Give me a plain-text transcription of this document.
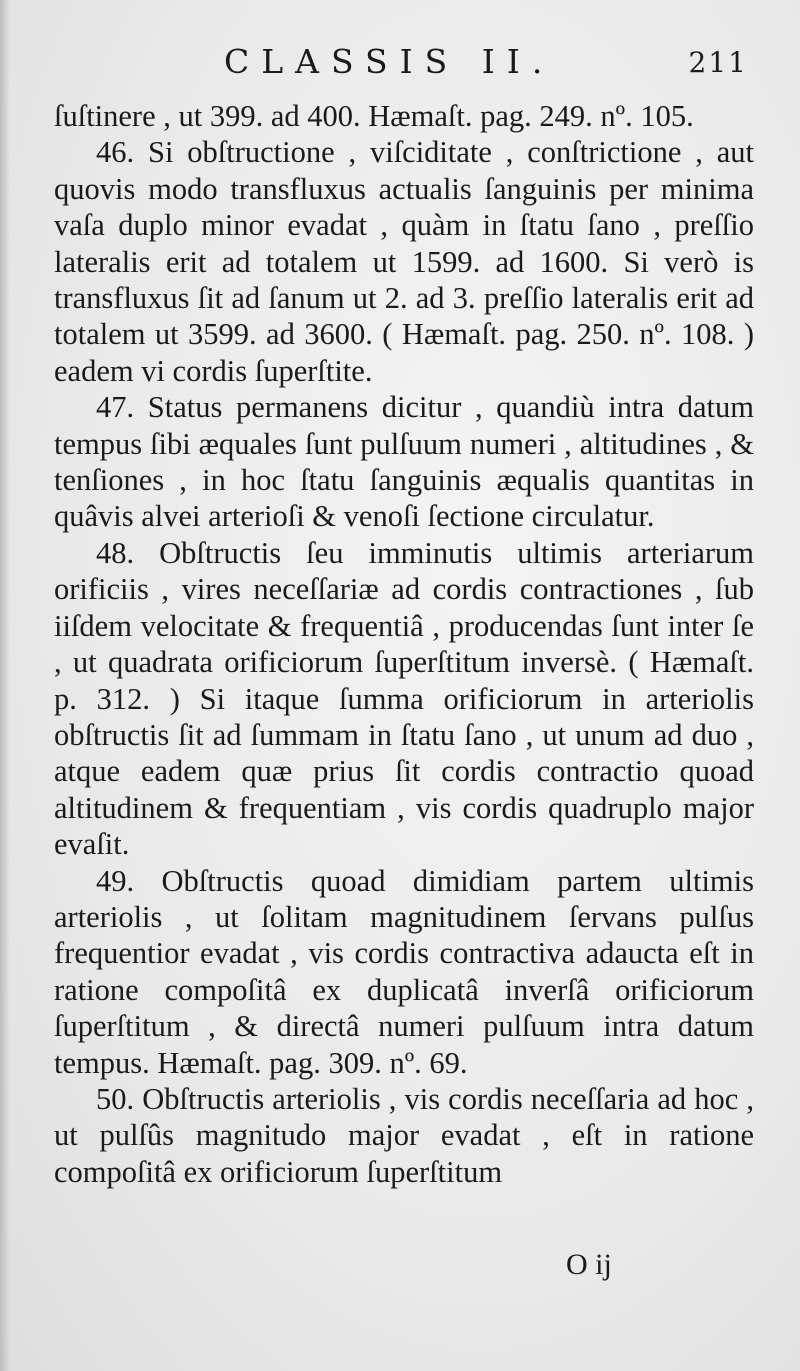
CLASSIS II.	211

ſuſtinere , ut 399. ad 400. Hæmaſt. pag. 249. nº. 105.

46. Si obſtructione , viſciditate , conſtrictione , aut quovis modo transfluxus actualis ſanguinis per minima vaſa duplo minor evadat , quàm in ſtatu ſano , preſſio lateralis erit ad totalem ut 1599. ad 1600. Si verò is transfluxus ſit ad ſanum ut 2. ad 3. preſſio lateralis erit ad totalem ut 3599. ad 3600. ( Hæmaſt. pag. 250. nº. 108. ) eadem vi cordis ſuperſtite.

47. Status permanens dicitur , quandiù intra datum tempus ſibi æquales ſunt pulſuum numeri , altitudines , & tenſiones , in hoc ſtatu ſanguinis æqualis quantitas in quâvis alvei arterioſi & venoſi ſectione circulatur.

48. Obſtructis ſeu imminutis ultimis arteriarum orificiis , vires neceſſariæ ad cordis contractiones , ſub iiſdem velocitate & frequentiâ , producendas ſunt inter ſe , ut quadrata orificiorum ſuperſtitum inversè. ( Hæmaſt. p. 312. ) Si itaque ſumma orificiorum in arteriolis obſtructis ſit ad ſummam in ſtatu ſano , ut unum ad duo , atque eadem quæ prius ſit cordis contractio quoad altitudinem & frequentiam , vis cordis quadruplo major evaſit.

49. Obſtructis quoad dimidiam partem ultimis arteriolis , ut ſolitam magnitudinem ſervans pulſus frequentior evadat , vis cordis contractiva adaucta eſt in ratione compoſitâ ex duplicatâ inverſâ orificiorum ſuperſtitum , & directâ numeri pulſuum intra datum tempus. Hæmaſt. pag. 309. nº. 69.

50. Obſtructis arteriolis , vis cordis neceſſaria ad hoc , ut pulſûs magnitudo major evadat , eſt in ratione compoſitâ ex orificiorum ſuperſtitum

O ij
